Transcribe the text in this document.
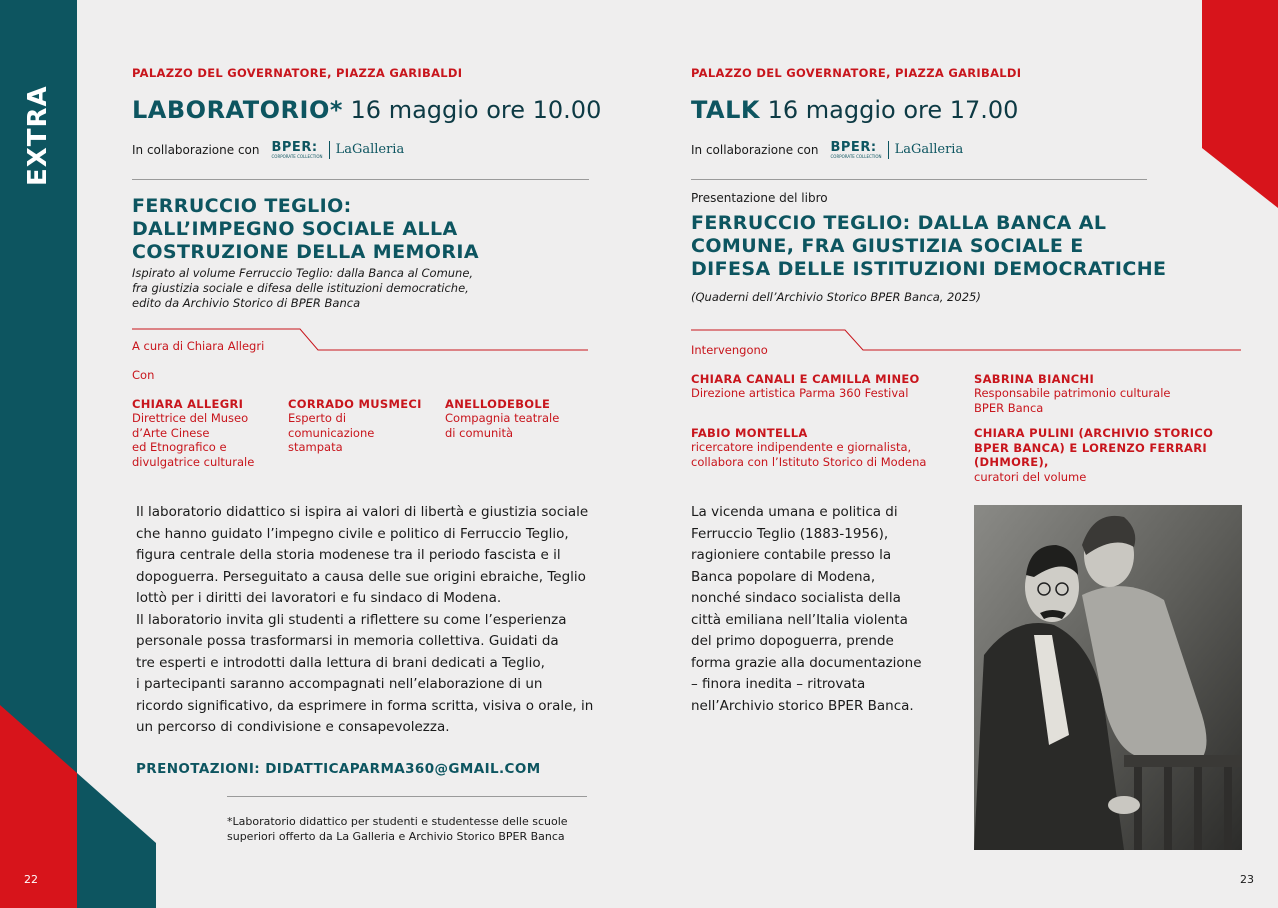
EXTRA
22	23
PALAZZO DEL GOVERNATORE, PIAZZA GARIBALDI
LABORATORIO* 16 maggio ore 10.00
In collaborazione con BPER:
CORPORATE COLLECTION LaGalleria
FERRUCCIO TEGLIO:
DALL’IMPEGNO SOCIALE ALLA
COSTRUZIONE DELLA MEMORIA
Ispirato al volume Ferruccio Teglio: dalla Banca al Comune,
fra giustizia sociale e difesa delle istituzioni democratiche,
edito da Archivio Storico di BPER Banca
A cura di Chiara Allegri
Con
CHIARA ALLEGRI
Direttrice del Museo
d’Arte Cinese
ed Etnografico e
divulgatrice culturale
CORRADO MUSMECI
Esperto di
comunicazione
stampata
ANELLODEBOLE
Compagnia teatrale
di comunità
Il laboratorio didattico si ispira ai valori di libertà e giustizia sociale
che hanno guidato l’impegno civile e politico di Ferruccio Teglio,
figura centrale della storia modenese tra il periodo fascista e il
dopoguerra. Perseguitato a causa delle sue origini ebraiche, Teglio
lottò per i diritti dei lavoratori e fu sindaco di Modena.
Il laboratorio invita gli studenti a riflettere su come l’esperienza
personale possa trasformarsi in memoria collettiva. Guidati da
tre esperti e introdotti dalla lettura di brani dedicati a Teglio,
i partecipanti saranno accompagnati nell’elaborazione di un
ricordo significativo, da esprimere in forma scritta, visiva o orale, in
un percorso di condivisione e consapevolezza.
PRENOTAZIONI: DIDATTICAPARMA360@GMAIL.COM
*Laboratorio didattico per studenti e studentesse delle scuole
superiori offerto da La Galleria e Archivio Storico BPER Banca
PALAZZO DEL GOVERNATORE, PIAZZA GARIBALDI
TALK 16 maggio ore 17.00
In collaborazione con BPER:
CORPORATE COLLECTION LaGalleria
Presentazione del libro
FERRUCCIO TEGLIO: DALLA BANCA AL
COMUNE, FRA GIUSTIZIA SOCIALE E
DIFESA DELLE ISTITUZIONI DEMOCRATICHE
(Quaderni dell’Archivio Storico BPER Banca, 2025)
Intervengono
CHIARA CANALI E CAMILLA MINEO
Direzione artistica Parma 360 Festival
SABRINA BIANCHI
Responsabile patrimonio culturale
BPER Banca
FABIO MONTELLA
ricercatore indipendente e giornalista,
collabora con l’Istituto Storico di Modena
CHIARA PULINI (ARCHIVIO STORICO
BPER BANCA) E LORENZO FERRARI
(DHMORE),
curatori del volume
La vicenda umana e politica di
Ferruccio Teglio (1883-1956),
ragioniere contabile presso la
Banca popolare di Modena,
nonché sindaco socialista della
città emiliana nell’Italia violenta
del primo dopoguerra, prende
forma grazie alla documentazione
– finora inedita – ritrovata
nell’Archivio storico BPER Banca.
